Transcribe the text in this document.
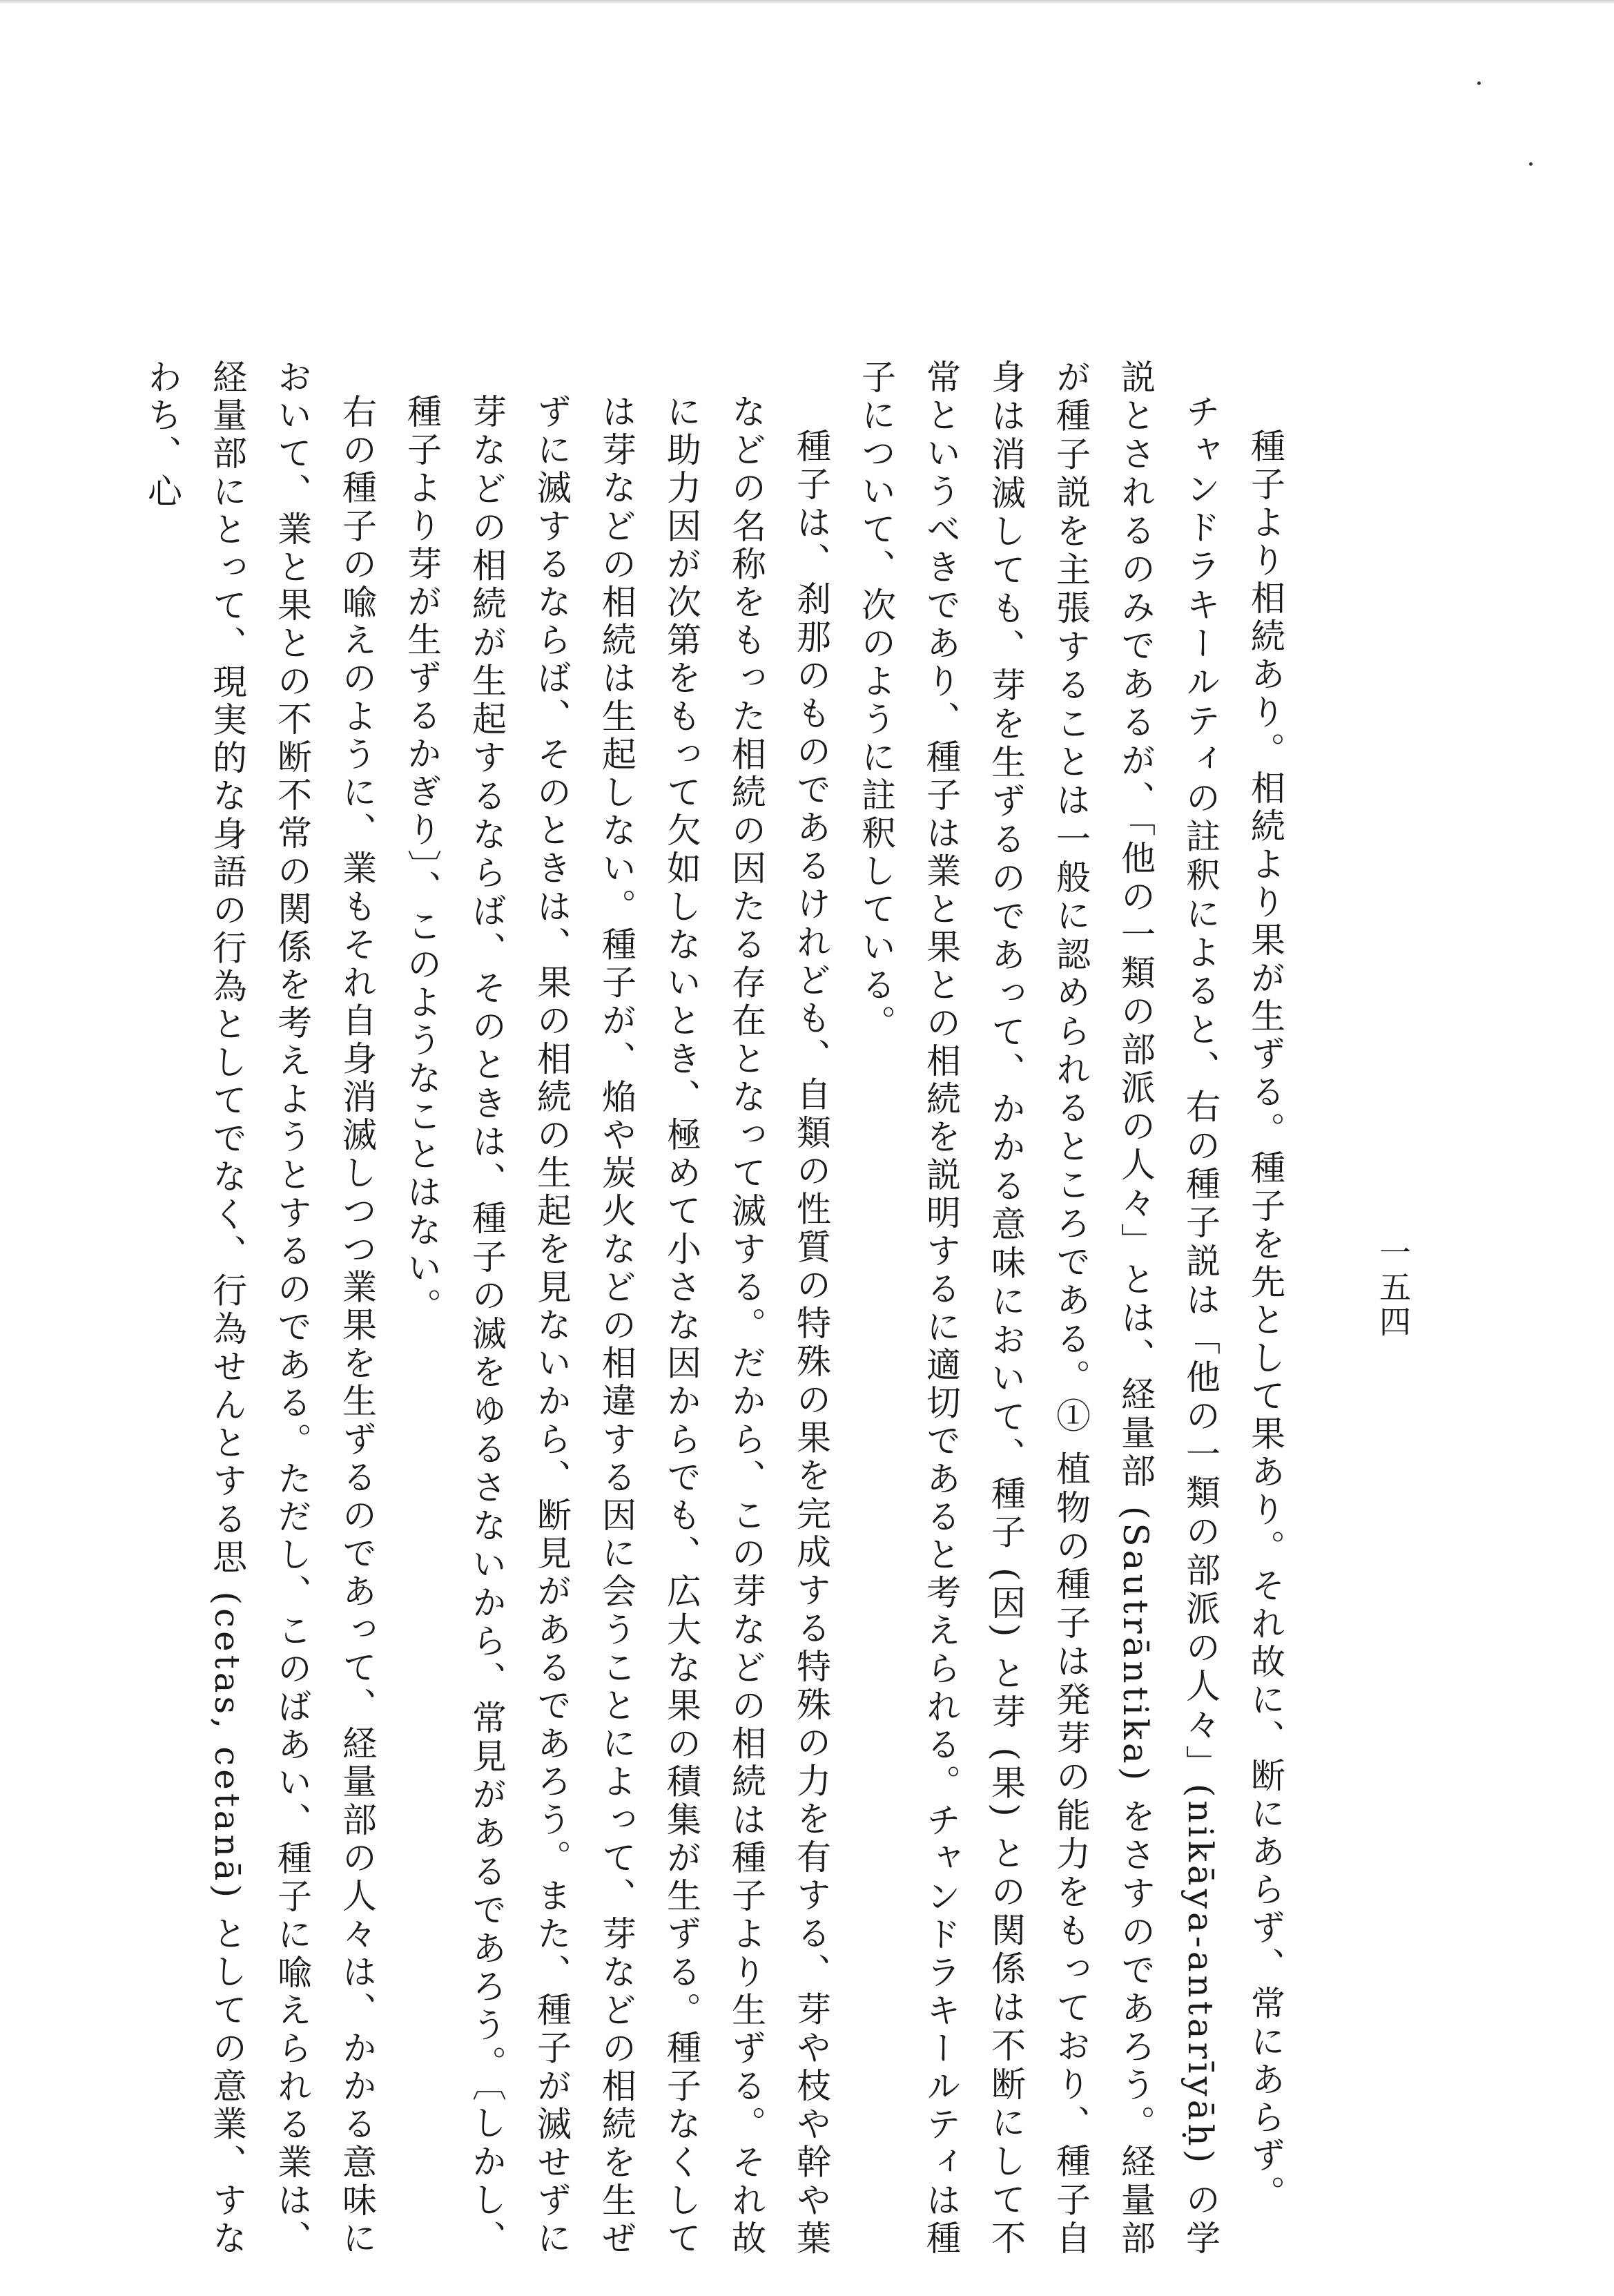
一五四

種子より相続あり。相続より果が生ずる。種子を先として果あり。それ故に、断にあらず、常にあらず。

チャンドラキールティの註釈によると、右の種子説は「他の一類の部派の人々」(nikāya-antarīyāḥ) の学説とされるのみであるが、「他の一類の部派の人々」とは、経量部 (Sautrāntika) をさすのであろう。経量部が種子説を主張することは一般に認められるところである。① 植物の種子は発芽の能力をもっており、種子自身は消滅しても、芽を生ずるのであって、かかる意味において、種子 (因) と芽 (果) との関係は不断にして不常というべきであり、種子は業と果との相続を説明するに適切であると考えられる。チャンドラキールティは種子について、次のように註釈している。

種子は、刹那のものであるけれども、自類の性質の特殊の果を完成する特殊の力を有する、芽や枝や幹や葉などの名称をもった相続の因たる存在となって滅する。だから、この芽などの相続は種子より生ずる。それ故に助力因が次第をもって欠如しないとき、極めて小さな因からでも、広大な果の積集が生ずる。種子なくしては芽などの相続は生起しない。種子が、焔や炭火などの相違する因に会うことによって、芽などの相続を生ぜずに滅するならば、そのときは、果の相続の生起を見ないから、断見があるであろう。また、種子が滅せずに芽などの相続が生起するならば、そのときは、種子の滅をゆるさないから、常見があるであろう。〔しかし、種子より芽が生ずるかぎり〕、このようなことはない。

右の種子の喩えのように、業もそれ自身消滅しつつ業果を生ずるのであって、経量部の人々は、かかる意味において、業と果との不断不常の関係を考えようとするのである。ただし、このばあい、種子に喩えられる業は、経量部にとって、現実的な身語の行為としてでなく、行為せんとする思 (cetas, cetanā) としての意業、すなわち、心
